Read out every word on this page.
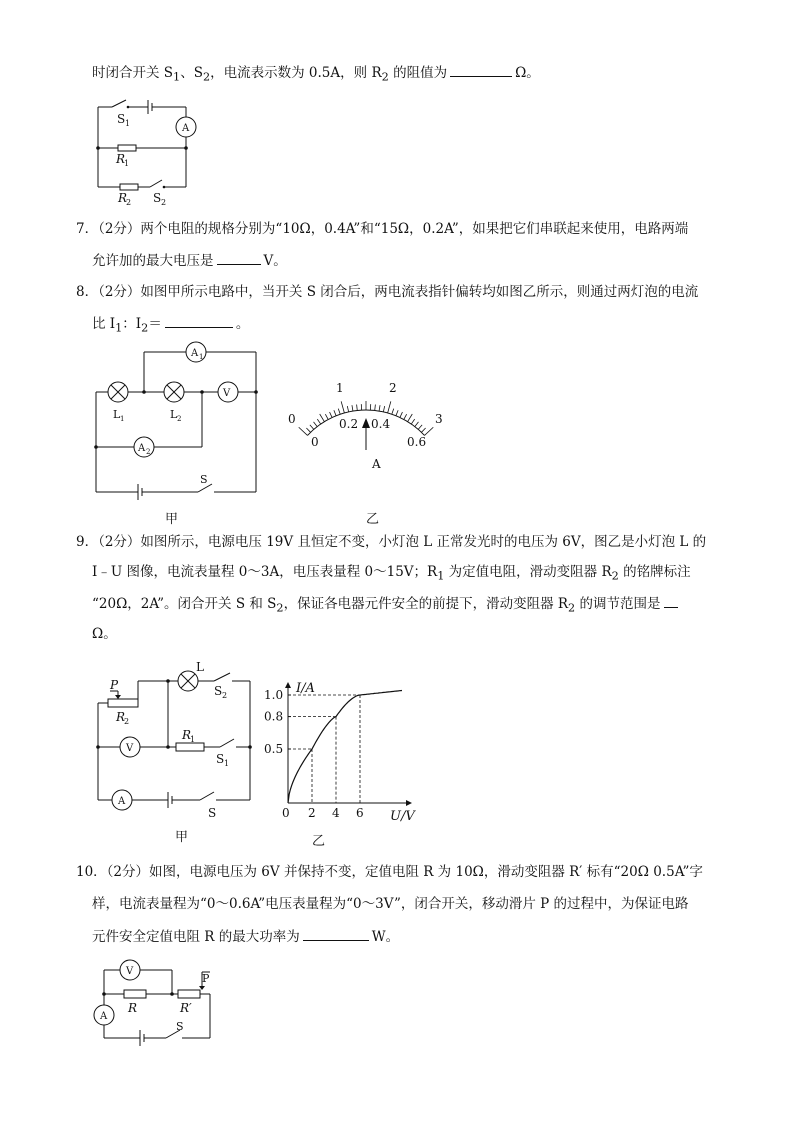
时闭合开关 $S_1$、$S_2$，电流表示数为 0.5A，则 $R_2$ 的阻值为	Ω。
S 1	A
R
1
R
2 S 2
7．（2分）两个电阻的规格分别为“10Ω，0.4A”和“15Ω，0.2A”，如果把它们串联起来使用，电路两端
允许加的最大电压是	V。
8．（2分）如图甲所示电路中，当开关 S 闭合后，两电流表指针偏转均如图乙所示，则通过两灯泡的电流
比 $I_1$：$I_2=$	。
A 1
V
A 2
L 1	L 2
S
甲
0
1	2
3
0
0.2 0.4
0.6
A
乙
9．（2分）如图所示，电源电压 19V 且恒定不变，小灯泡 L 正常发光时的电压为 6V，图乙是小灯泡 L 的
I﹣U 图像，电流表量程 0～3A，电压表量程 0～15V；$R_1$ 为定值电阻，滑动变阻器 $R_2$ 的铭牌标注
“20Ω，2A”。闭合开关 S 和 $S_2$，保证各电器元件安全的前提下，滑动变阻器 $R_2$ 的调节范围是
Ω。
L
S 2
P
R
2
V
R
1
S 1
A
S
甲
2 4 6
0.5
0.8
1.0 I/A
U/V
0
乙
10．（2分）如图，电源电压为 6V 并保持不变，定值电阻 R 为 10Ω，滑动变阻器 R′ 标有“20Ω 0.5A”字
样，电流表量程为“0～0.6A”电压表量程为“0～3V”，闭合开关，移动滑片 P 的过程中，为保证电路
元件安全定值电阻 R 的最大功率为	W。
V
P
R	R′
A
S
